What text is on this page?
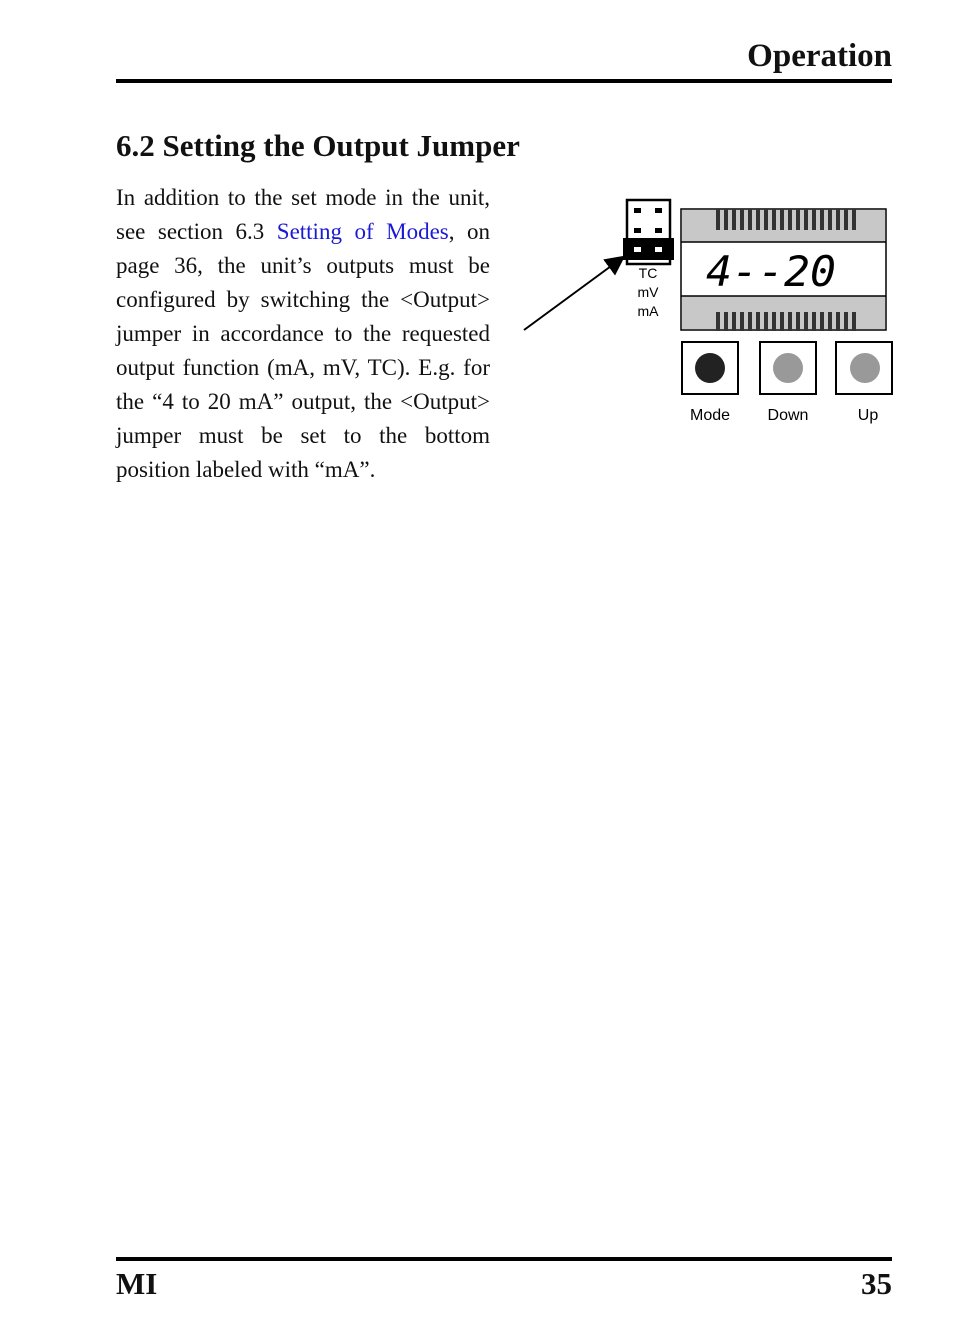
Operation
6.2 Setting the Output Jumper

In addition to the set mode in the unit, see section 6.3 Setting of Modes, on page 36, the unit’s outputs must be configured by switching the <Output> jumper in accordance to the requested output function (mA, mV, TC). E.g. for the “4 to 20 mA” output, the <Output> jumper must be set to the bottom position labeled with “mA”.

TC
mV
mA
4--20
Mode Down	Up
MI	35
